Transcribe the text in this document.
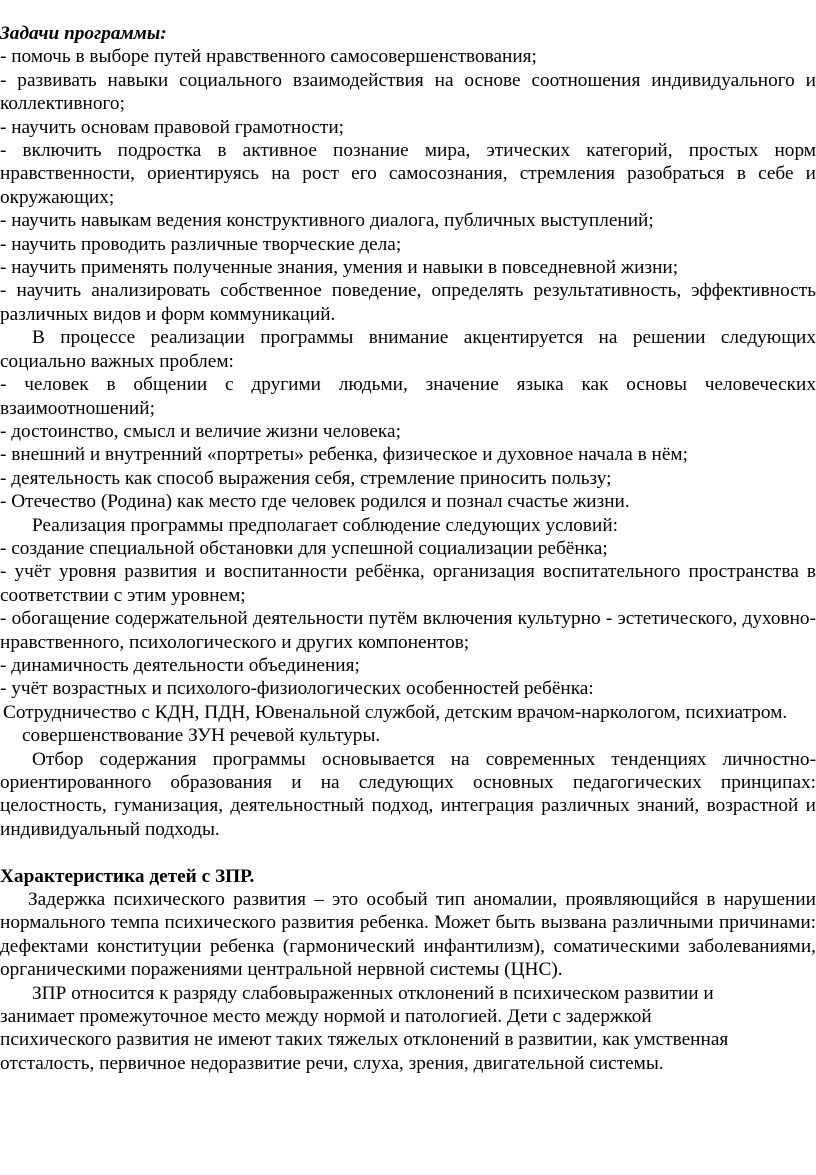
Задачи программы:

- помочь в выборе путей нравственного самосовершенствования;

- развивать навыки социального взаимодействия на основе соотношения индивидуального и коллективного;

- научить основам правовой грамотности;

- включить подростка в активное познание мира, этических категорий, простых норм нравственности, ориентируясь на рост его самосознания, стремления разобраться в себе и окружающих;

- научить навыкам ведения конструктивного диалога, публичных выступлений;

- научить проводить различные творческие дела;

- научить применять полученные знания, умения и навыки в повседневной жизни;

- научить анализировать собственное поведение, определять результативность, эффективность различных видов и форм коммуникаций.

В процессе реализации программы внимание акцентируется на решении следующих социально важных проблем:

- человек в общении с другими людьми, значение языка как основы человеческих взаимоотношений;

- достоинство, смысл и величие жизни человека;

- внешний и внутренний «портреты» ребенка, физическое и духовное начала в нём;

- деятельность как способ выражения себя, стремление приносить пользу;

- Отечество (Родина) как место где человек родился и познал счастье жизни.

Реализация программы предполагает соблюдение следующих условий:

- создание специальной обстановки для успешной социализации ребёнка;

- учёт уровня развития и воспитанности ребёнка, организация воспитательного пространства в соответствии с этим уровнем;

- обогащение содержательной деятельности путём включения культурно - эстетического, духовно-нравственного, психологического и других компонентов;

- динамичность деятельности объединения;

- учёт возрастных и психолого-физиологических особенностей ребёнка:

Сотрудничество с КДН, ПДН, Ювенальной службой, детским врачом-наркологом, психиатром.

совершенствование ЗУН речевой культуры.

Отбор содержания программы основывается на современных тенденциях личностно-ориентированного образования и на следующих основных педагогических принципах: целостность, гуманизация, деятельностный подход, интеграция различных знаний, возрастной и индивидуальный подходы.

Характеристика детей с ЗПР.

Задержка психического развития – это особый тип аномалии, проявляющийся в нарушении нормального темпа психического развития ребенка. Может быть вызвана различными причинами: дефектами конституции ребенка (гармонический инфантилизм), соматическими заболеваниями, органическими поражениями центральной нервной системы (ЦНС).

ЗПР относится к разряду слабовыраженных отклонений в психическом развитии и

занимает промежуточное место между нормой и патологией. Дети с задержкой

психического развития не имеют таких тяжелых отклонений в развитии, как умственная

отсталость, первичное недоразвитие речи, слуха, зрения, двигательной системы.
